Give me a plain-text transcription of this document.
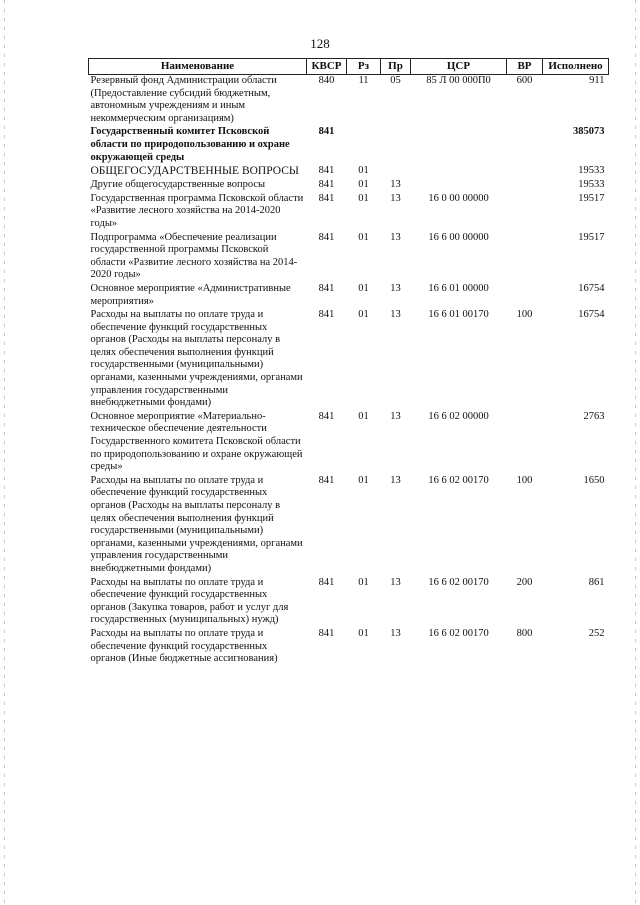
128
Наименование	КВСР	Рз	Пр	ЦСР	ВР	Исполнено
Резервный фонд Администрации области (Предоставление субсидий бюджетным, автономным учреждениям и иным некоммерческим организациям)	840	11	05	85 Л 00 000П0	600	911
Государственный комитет Псковской области по природопользованию и охране окружающей среды	841					385073
ОБЩЕГОСУДАРСТВЕННЫЕ ВОПРОСЫ	841	01				19533
Другие общегосударственные вопросы	841	01	13			19533
Государственная программа Псковской области «Развитие лесного хозяйства на 2014-2020 годы»	841	01	13	16 0 00 00000		19517
Подпрограмма «Обеспечение реализации государственной программы Псковской области «Развитие лесного хозяйства на 2014-2020 годы»	841	01	13	16 6 00 00000		19517
Основное мероприятие «Административные мероприятия»	841	01	13	16 6 01 00000		16754
Расходы на выплаты по оплате труда и обеспечение функций государственных органов (Расходы на выплаты персоналу в целях обеспечения выполнения функций государственными (муниципальными) органами, казенными учреждениями, органами управления государственными внебюджетными фондами)	841	01	13	16 6 01 00170	100	16754
Основное мероприятие «Материально-техническое обеспечение деятельности Государственного комитета Псковской области по природопользованию и охране окружающей среды»	841	01	13	16 6 02 00000		2763
Расходы на выплаты по оплате труда и обеспечение функций государственных органов (Расходы на выплаты персоналу в целях обеспечения выполнения функций государственными (муниципальными) органами, казенными учреждениями, органами управления государственными внебюджетными фондами)	841	01	13	16 6 02 00170	100	1650
Расходы на выплаты по оплате труда и обеспечение функций государственных органов (Закупка товаров, работ и услуг для государственных (муниципальных) нужд)	841	01	13	16 6 02 00170	200	861
Расходы на выплаты по оплате труда и обеспечение функций государственных органов (Иные бюджетные ассигнования)	841	01	13	16 6 02 00170	800	252
